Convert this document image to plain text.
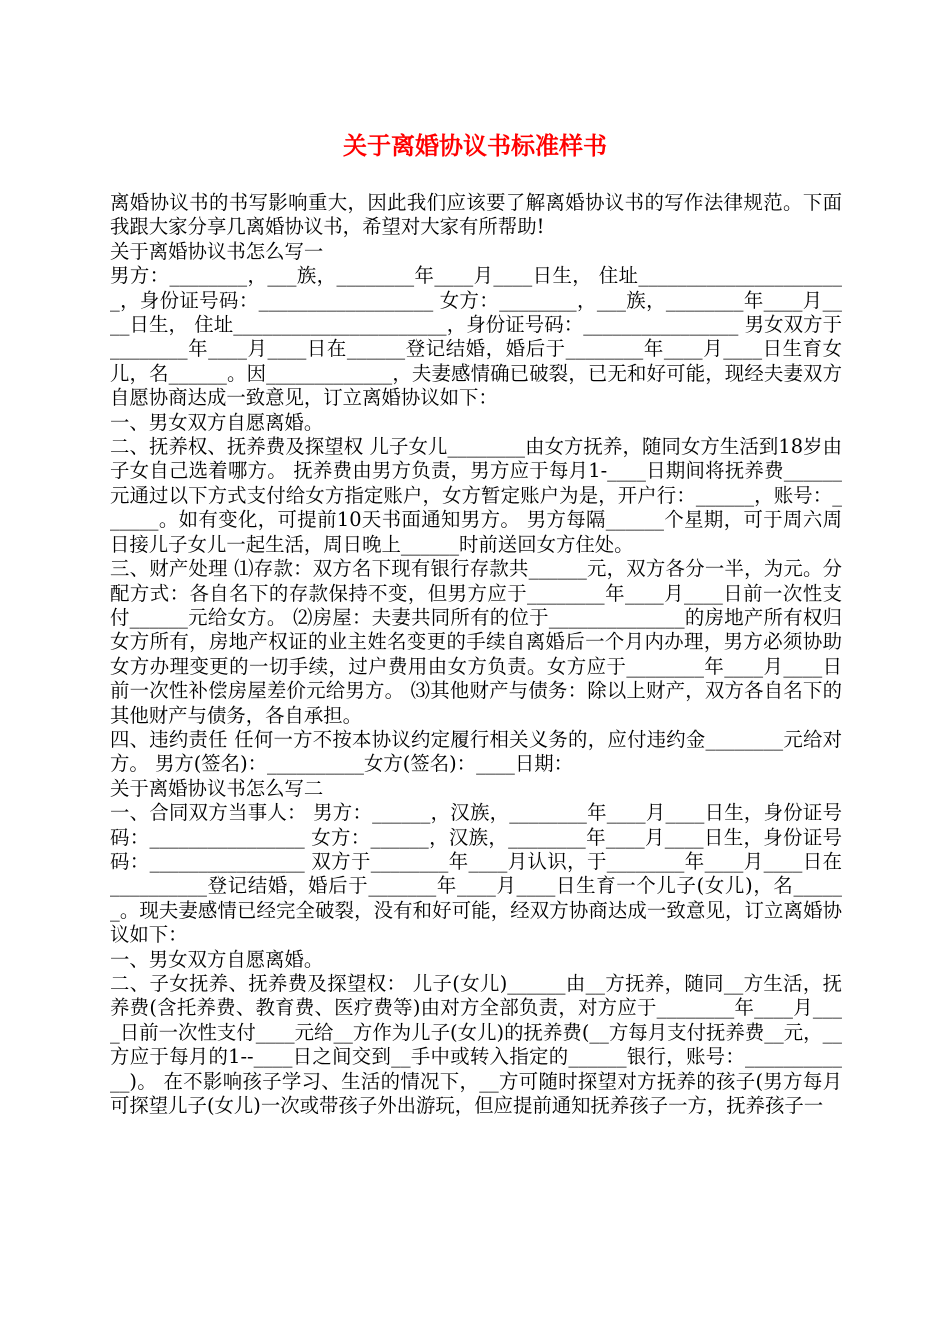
关于离婚协议书标准样书

离婚协议书的书写影响重大，因此我们应该要了解离婚协议书的写作法律规范。下面我跟大家分享几离婚协议书，希望对大家有所帮助!

关于离婚协议书怎么写一

男方：________，___族，________年____月____日生， 住址______________________，身份证号码：__________________ 女方：________，___族，________年____月____日生， 住址______________________，身份证号码：________________ 男女双方于________年____月____日在______登记结婚，婚后于________年____月____日生育女儿，名______。因_____________，夫妻感情确已破裂，已无和好可能，现经夫妻双方自愿协商达成一致意见，订立离婚协议如下：

一、男女双方自愿离婚。

二、抚养权、抚养费及探望权 儿子女儿________由女方抚养，随同女方生活到18岁由子女自己选着哪方。 抚养费由男方负责，男方应于每月1-____日期间将抚养费______元通过以下方式支付给女方指定账户，女方暂定账户为是，开户行：______，账号：______。如有变化，可提前10天书面通知男方。 男方每隔______个星期，可于周六周日接儿子女儿一起生活，周日晚上______时前送回女方住处。

三、财产处理 ⑴存款：双方名下现有银行存款共______元，双方各分一半，为元。分配方式：各自名下的存款保持不变，但男方应于________年____月____日前一次性支付______元给女方。 ⑵房屋：夫妻共同所有的位于______________的房地产所有权归女方所有，房地产权证的业主姓名变更的手续自离婚后一个月内办理，男方必须协助女方办理变更的一切手续，过户费用由女方负责。女方应于________年____月____日前一次性补偿房屋差价元给男方。 ⑶其他财产与债务：除以上财产，双方各自名下的其他财产与债务，各自承担。

四、违约责任 任何一方不按本协议约定履行相关义务的，应付违约金________元给对方。 男方(签名)：__________女方(签名)：____日期：

关于离婚协议书怎么写二

一、合同双方当事人： 男方：______，汉族，________年____月____日生，身份证号码：________________ 女方：______，汉族，________年____月____日生，身份证号码：________________ 双方于________年____月认识，于________年____月____日在__________登记结婚，婚后于_______年____月____日生育一个儿子(女儿)，名______。现夫妻感情已经完全破裂，没有和好可能，经双方协商达成一致意见，订立离婚协议如下：

一、男女双方自愿离婚。

二、子女抚养、抚养费及探望权： 儿子(女儿)______由__方抚养，随同__方生活，抚养费(含托养费、教育费、医疗费等)由对方全部负责，对方应于________年____月____日前一次性支付____元给__方作为儿子(女儿)的抚养费(__方每月支付抚养费__元，__方应于每月的1--____日之间交到__手中或转入指定的______银行，账号：____________)。 在不影响孩子学习、生活的情况下，__方可随时探望对方抚养的孩子(男方每月可探望儿子(女儿)一次或带孩子外出游玩，但应提前通知抚养孩子一方，抚养孩子一
